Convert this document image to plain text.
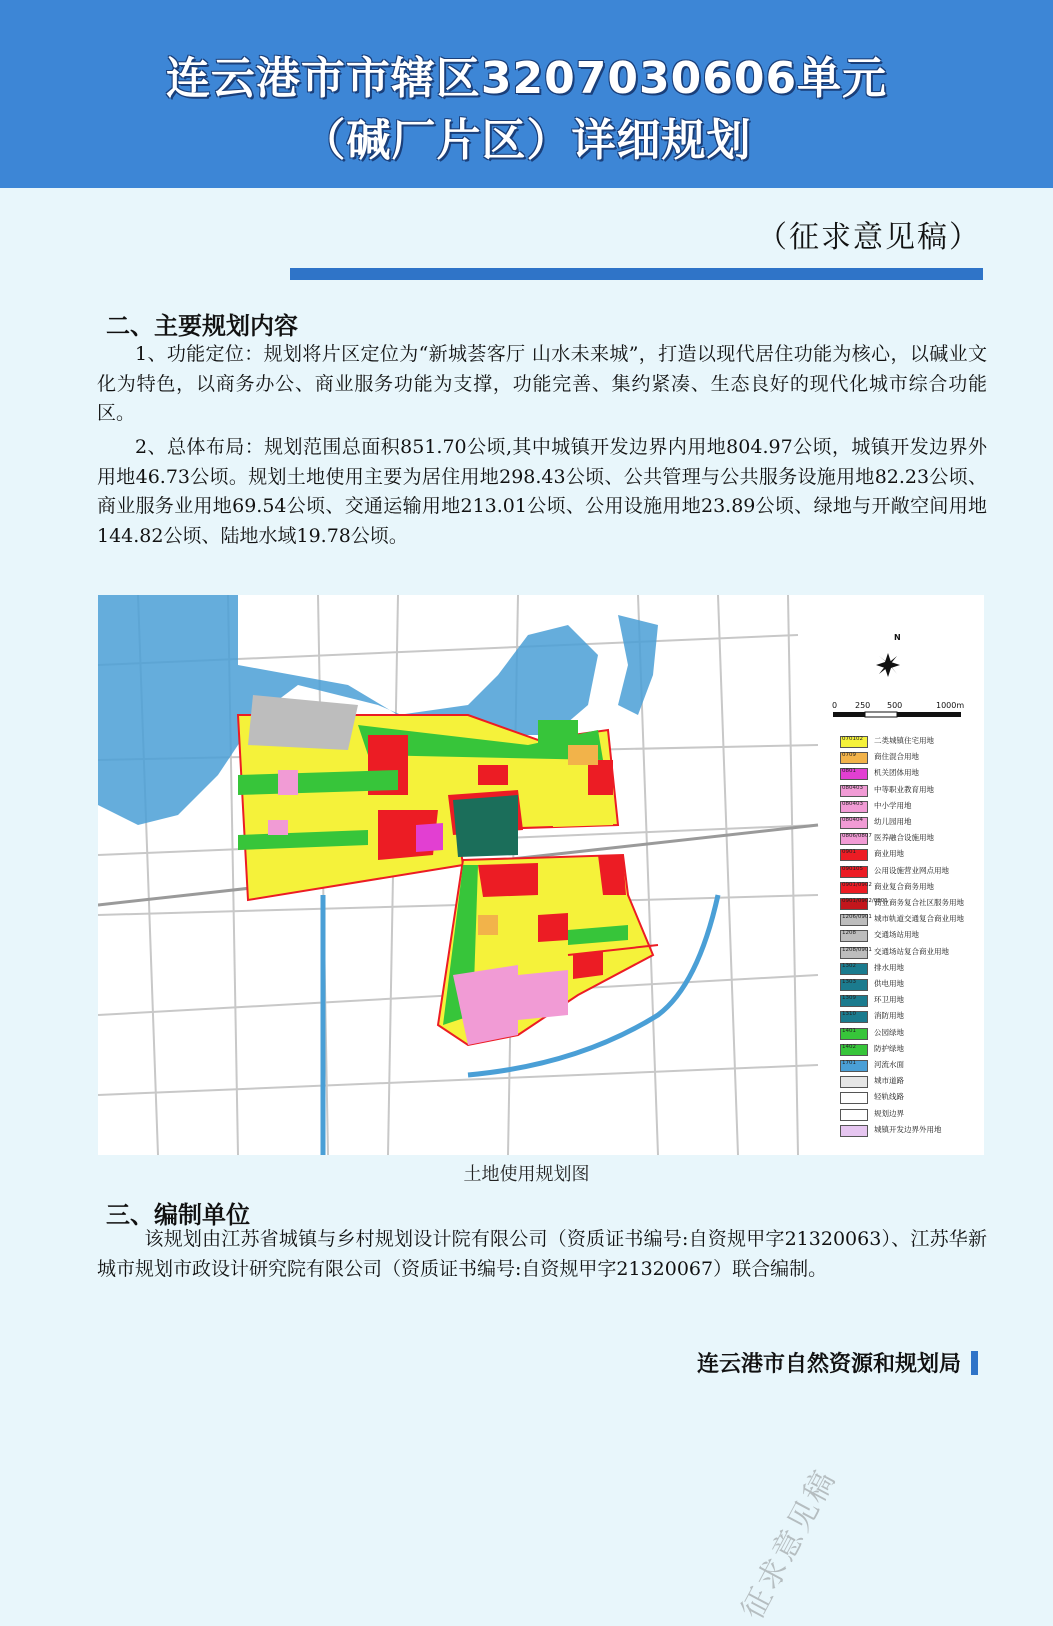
连云港市市辖区3207030606单元
（碱厂片区）详细规划
（征求意见稿）
二、主要规划内容

1、功能定位：规划将片区定位为“新城荟客厅 山水未来城”，打造以现代居住功能为核心，以碱业文化为特色，以商务办公、商业服务功能为支撑，功能完善、集约紧凑、生态良好的现代化城市综合功能区。

2、总体布局：规划范围总面积851.70公顷,其中城镇开发边界内用地804.97公顷，城镇开发边界外用地46.73公顷。规划土地使用主要为居住用地298.43公顷、公共管理与公共服务设施用地82.23公顷、商业服务业用地69.54公顷、交通运输用地213.01公顷、公用设施用地23.89公顷、绿地与开敞空间用地144.82公顷、陆地水域19.78公顷。

0 250 500	1000m
N
070102 二类城镇住宅用地
0709 商住混合用地
0801 机关团体用地
080403 中等职业教育用地
080403 中小学用地
080404 幼儿园用地
0806/0807 医养融合设施用地
0901 商业用地
090105 公用设施营业网点用地
0901/0902 商业复合商务用地
0901/0902/0801
商业商务复合社区服务用地
1206/0901 城市轨道交通复合商业用地
1208 交通场站用地
1208/0901 交通场站复合商业用地
1302 排水用地
1303 供电用地
1309 环卫用地
1310 消防用地
1401 公园绿地
1402 防护绿地
1701 河流水面
城市道路
轻轨线路
规划边界
城镇开发边界外用地
征求意见稿
土地使用规划图
三、编制单位

该规划由江苏省城镇与乡村规划设计院有限公司（资质证书编号:自资规甲字21320063）、江苏华新城市规划市政设计研究院有限公司（资质证书编号:自资规甲字21320067）联合编制。

连云港市自然资源和规划局
